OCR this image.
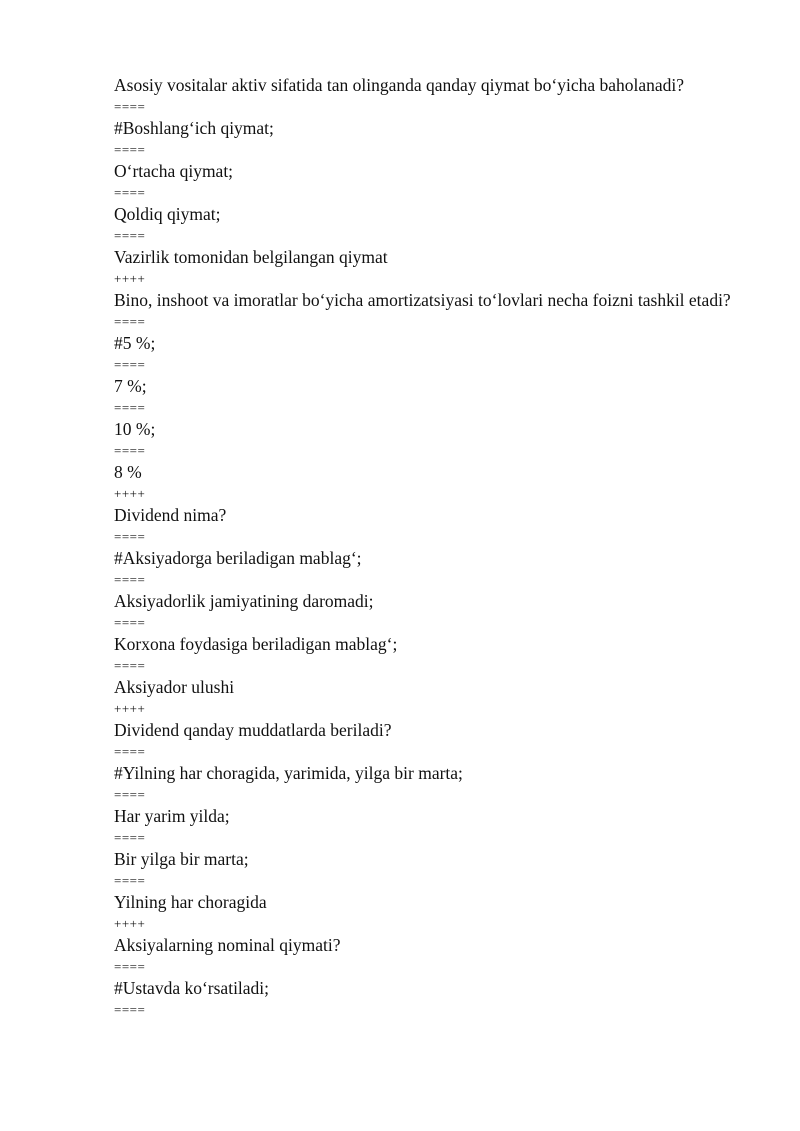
Asosiy vositalar aktiv sifatida tan olinganda qanday qiymat bo‘yicha baholanadi?
====
#Boshlang‘ich qiymat;
====
O‘rtacha qiymat;
====
Qoldiq qiymat;
====
Vazirlik tomonidan belgilangan qiymat
++++
Bino, inshoot va imoratlar bo‘yicha amortizatsiyasi to‘lovlari necha foizni tashkil etadi?
====
#5 %;
====
7 %;
====
10 %;
====
8 %
++++
Dividend nima?
====
#Aksiyadorga beriladigan mablag‘;
====
Aksiyadorlik jamiyatining daromadi;
====
Korxona foydasiga beriladigan mablag‘;
====
Aksiyador ulushi
++++
Dividend qanday muddatlarda beriladi?
====
#Yilning har choragida, yarimida, yilga bir marta;
====
Har yarim yilda;
====
Bir yilga bir marta;
====
Yilning har choragida
++++
Aksiyalarning nominal qiymati?
====
#Ustavda ko‘rsatiladi;
====
